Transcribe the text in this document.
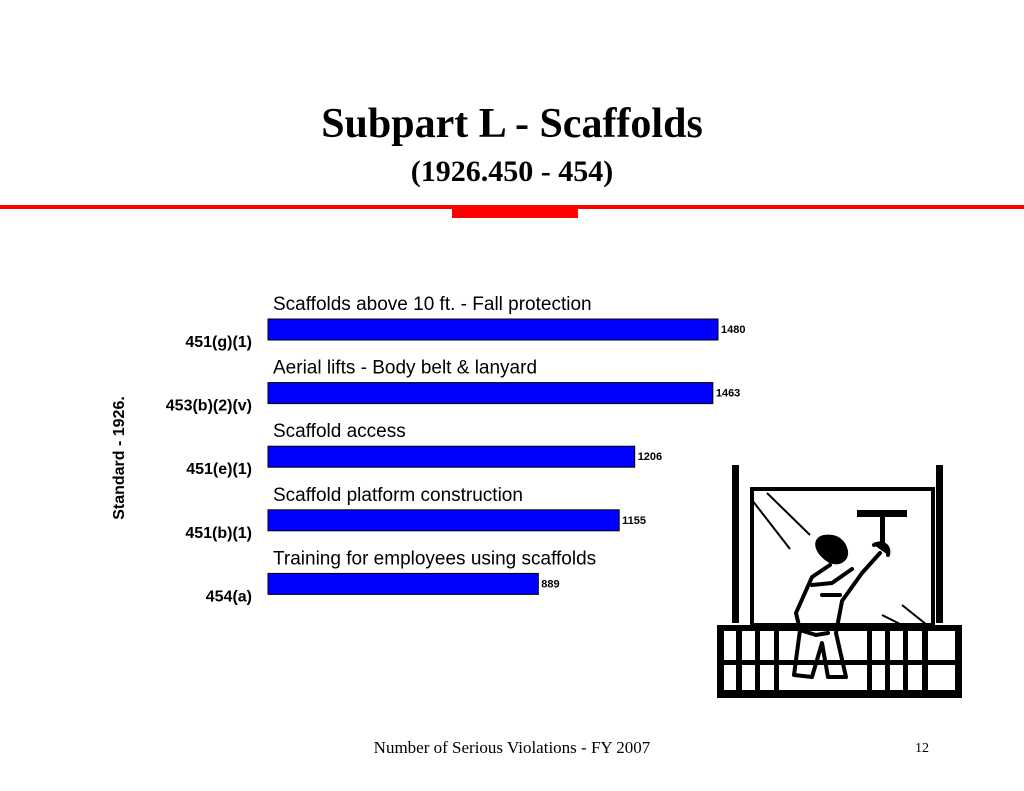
Subpart L - Scaffolds
(1926.450 - 454)
Standard - 1926.
Scaffolds above 10 ft. - Fall protection
1480
451(g)(1)
Aerial lifts - Body belt & lanyard
1463
453(b)(2)(v)
Scaffold access
1206
451(e)(1)
Scaffold platform construction
1155
451(b)(1)
Training for employees using scaffolds
889
454(a)
Number of Serious Violations - FY 2007	12
